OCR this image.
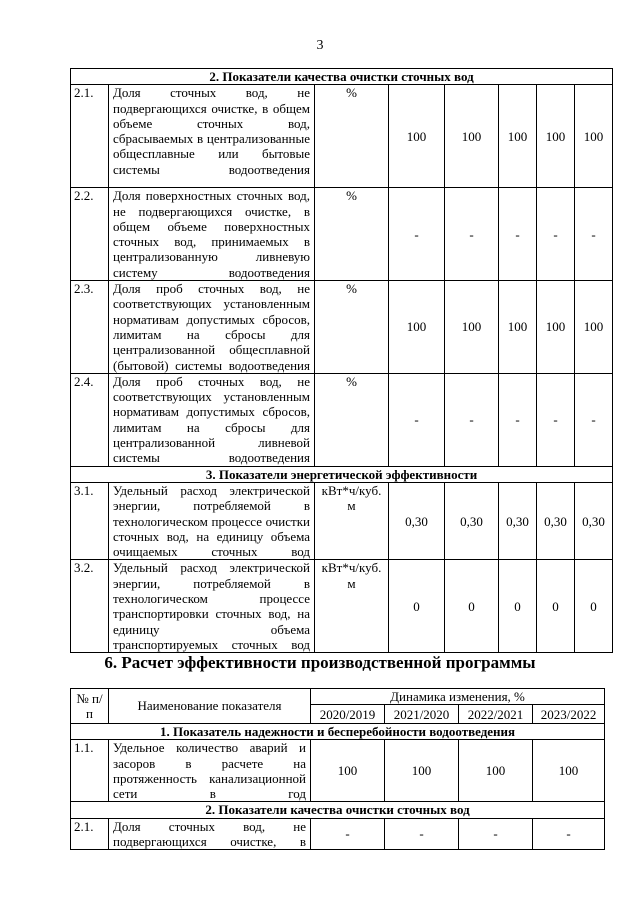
3
2. Показатели качества очистки сточных вод							
2.1.	Доля сточных вод, не подвергающихся очистке, в общем объеме сточных вод, сбрасываемых в централизованные общесплавные или бытовые системы водоотведения	%	100	100	100	100	100
2.2.	Доля поверхностных сточных вод, не подвергающихся очистке, в общем объеме поверхностных сточных вод, принимаемых в централизованную ливневую систему водоотведения	%	-	-	-	-	-
2.3.	Доля проб сточных вод, не соответствующих установленным нормативам допустимых сбросов, лимитам на сбросы для централизованной общесплавной (бытовой) системы водоотведения	%	100	100	100	100	100
2.4.	Доля проб сточных вод, не соответствующих установленным нормативам допустимых сбросов, лимитам на сбросы для централизованной ливневой системы водоотведения	%	-	-	-	-	-
3. Показатели энергетической эффективности							
3.1.	Удельный расход электрической энергии, потребляемой в технологическом процессе очистки сточных вод, на единицу объема очищаемых сточных вод	кВт*ч/куб. м	0,30	0,30	0,30	0,30	0,30
3.2.	Удельный расход электрической энергии, потребляемой в технологическом процессе транспортировки сточных вод, на единицу объема транспортируемых сточных вод	кВт*ч/куб. м	0	0	0	0	0
6. Расчет эффективности производственной программы
№ п/п	Наименование показателя	Динамика изменения, %			
		2020/2019	2021/2020	2022/2021	2023/2022
1. Показатель надежности и бесперебойности водоотведения					
1.1.	Удельное количество аварий и засоров в расчете на протяженность канализационной сети в год	100	100	100	100
2. Показатели качества очистки сточных вод					
2.1.	Доля сточных вод, не подвергающихся очистке, в	-	-	-	-
